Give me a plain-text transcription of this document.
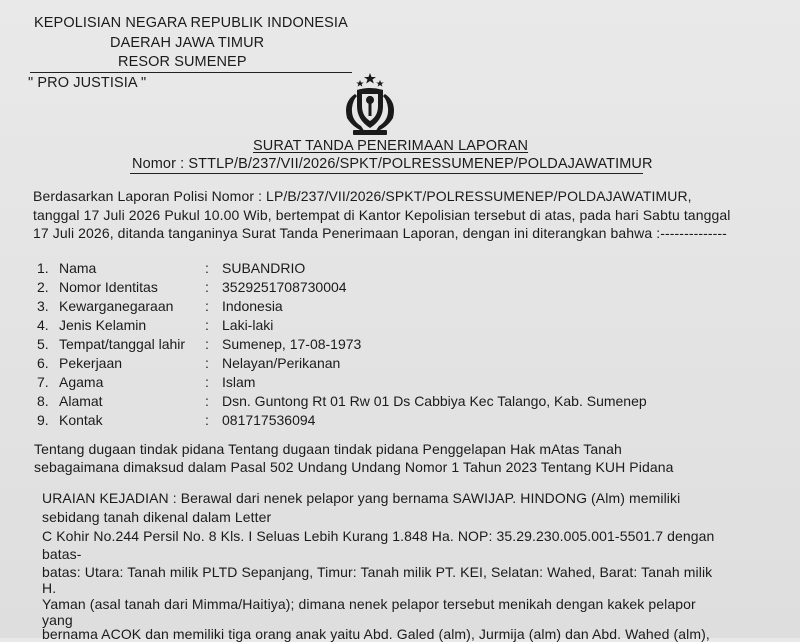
KEPOLISIAN NEGARA REPUBLIK INDONESIA
DAERAH JAWA TIMUR
RESOR SUMENEP
" PRO JUSTISIA "
SURAT TANDA PENERIMAAN LAPORAN
Nomor : STTLP/B/237/VII/2026/SPKT/POLRESSUMENEP/POLDAJAWATIMUR
Berdasarkan Laporan Polisi Nomor : LP/B/237/VII/2026/SPKT/POLRESSUMENEP/POLDAJAWATIMUR,
tanggal 17 Juli 2026 Pukul 10.00 Wib, bertempat di Kantor Kepolisian tersebut di atas, pada hari Sabtu tanggal
17 Juli 2026, ditanda tanganinya Surat Tanda Penerimaan Laporan, dengan ini diterangkan bahwa :--------------
1. Nama	: SUBANDRIO
2. Nomor Identitas	: 3529251708730004
3. Kewarganegaraan : Indonesia
4. Jenis Kelamin	: Laki-laki
5. Tempat/tanggal lahir : Sumenep, 17-08-1973
6. Pekerjaan	: Nelayan/Perikanan
7. Agama	: Islam
8. Alamat	: Dsn. Guntong Rt 01 Rw 01 Ds Cabbiya Kec Talango, Kab. Sumenep
9. Kontak	: 081717536094
Tentang dugaan tindak pidana Tentang dugaan tindak pidana Penggelapan Hak mAtas Tanah
sebagaimana dimaksud dalam Pasal 502 Undang Undang Nomor 1 Tahun 2023 Tentang KUH Pidana
URAIAN KEJADIAN : Berawal dari nenek pelapor yang bernama SAWIJAP. HINDONG (Alm) memiliki
sebidang tanah dikenal dalam Letter
C Kohir No.244 Persil No. 8 Kls. I Seluas Lebih Kurang 1.848 Ha. NOP: 35.29.230.005.001-5501.7 dengan
batas-
batas: Utara: Tanah milik PLTD Sepanjang, Timur: Tanah milik PT. KEI, Selatan: Wahed, Barat: Tanah milik
H.
Yaman (asal tanah dari Mimma/Haitiya); dimana nenek pelapor tersebut menikah dengan kakek pelapor
yang
bernama ACOK dan memiliki tiga orang anak yaitu Abd. Galed (alm), Jurmija (alm) dan Abd. Wahed (alm),
